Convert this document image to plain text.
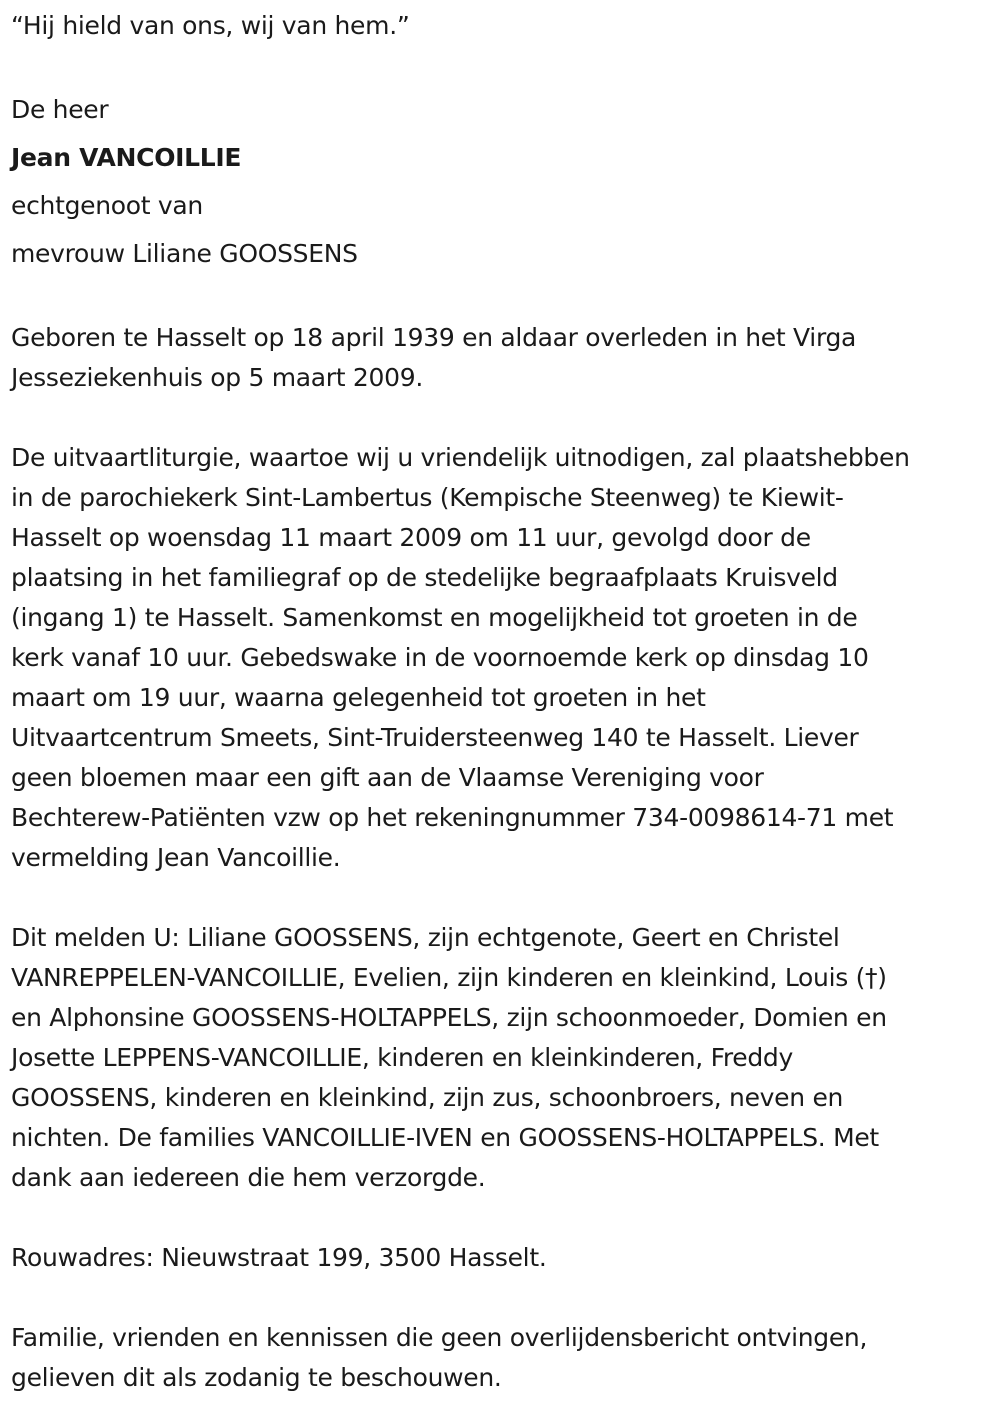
“Hij hield van ons, wij van hem.”
De heer
Jean VANCOILLIE
echtgenoot van
mevrouw Liliane GOOSSENS
Geboren te Hasselt op 18 april 1939 en aldaar overleden in het Virga
Jesseziekenhuis op 5 maart 2009.
De uitvaartliturgie, waartoe wij u vriendelijk uitnodigen, zal plaatshebben
in de parochiekerk Sint-Lambertus (Kempische Steenweg) te Kiewit-
Hasselt op woensdag 11 maart 2009 om 11 uur, gevolgd door de
plaatsing in het familiegraf op de stedelijke begraafplaats Kruisveld
(ingang 1) te Hasselt. Samenkomst en mogelijkheid tot groeten in de
kerk vanaf 10 uur. Gebedswake in de voornoemde kerk op dinsdag 10
maart om 19 uur, waarna gelegenheid tot groeten in het
Uitvaartcentrum Smeets, Sint-Truidersteenweg 140 te Hasselt. Liever
geen bloemen maar een gift aan de Vlaamse Vereniging voor
Bechterew-Patiënten vzw op het rekeningnummer 734-0098614-71 met
vermelding Jean Vancoillie.
Dit melden U: Liliane GOOSSENS, zijn echtgenote, Geert en Christel
VANREPPELEN-VANCOILLIE, Evelien, zijn kinderen en kleinkind, Louis (†)
en Alphonsine GOOSSENS-HOLTAPPELS, zijn schoonmoeder, Domien en
Josette LEPPENS-VANCOILLIE, kinderen en kleinkinderen, Freddy
GOOSSENS, kinderen en kleinkind, zijn zus, schoonbroers, neven en
nichten. De families VANCOILLIE-IVEN en GOOSSENS-HOLTAPPELS. Met
dank aan iedereen die hem verzorgde.
Rouwadres: Nieuwstraat 199, 3500 Hasselt.
Familie, vrienden en kennissen die geen overlijdensbericht ontvingen,
gelieven dit als zodanig te beschouwen.
